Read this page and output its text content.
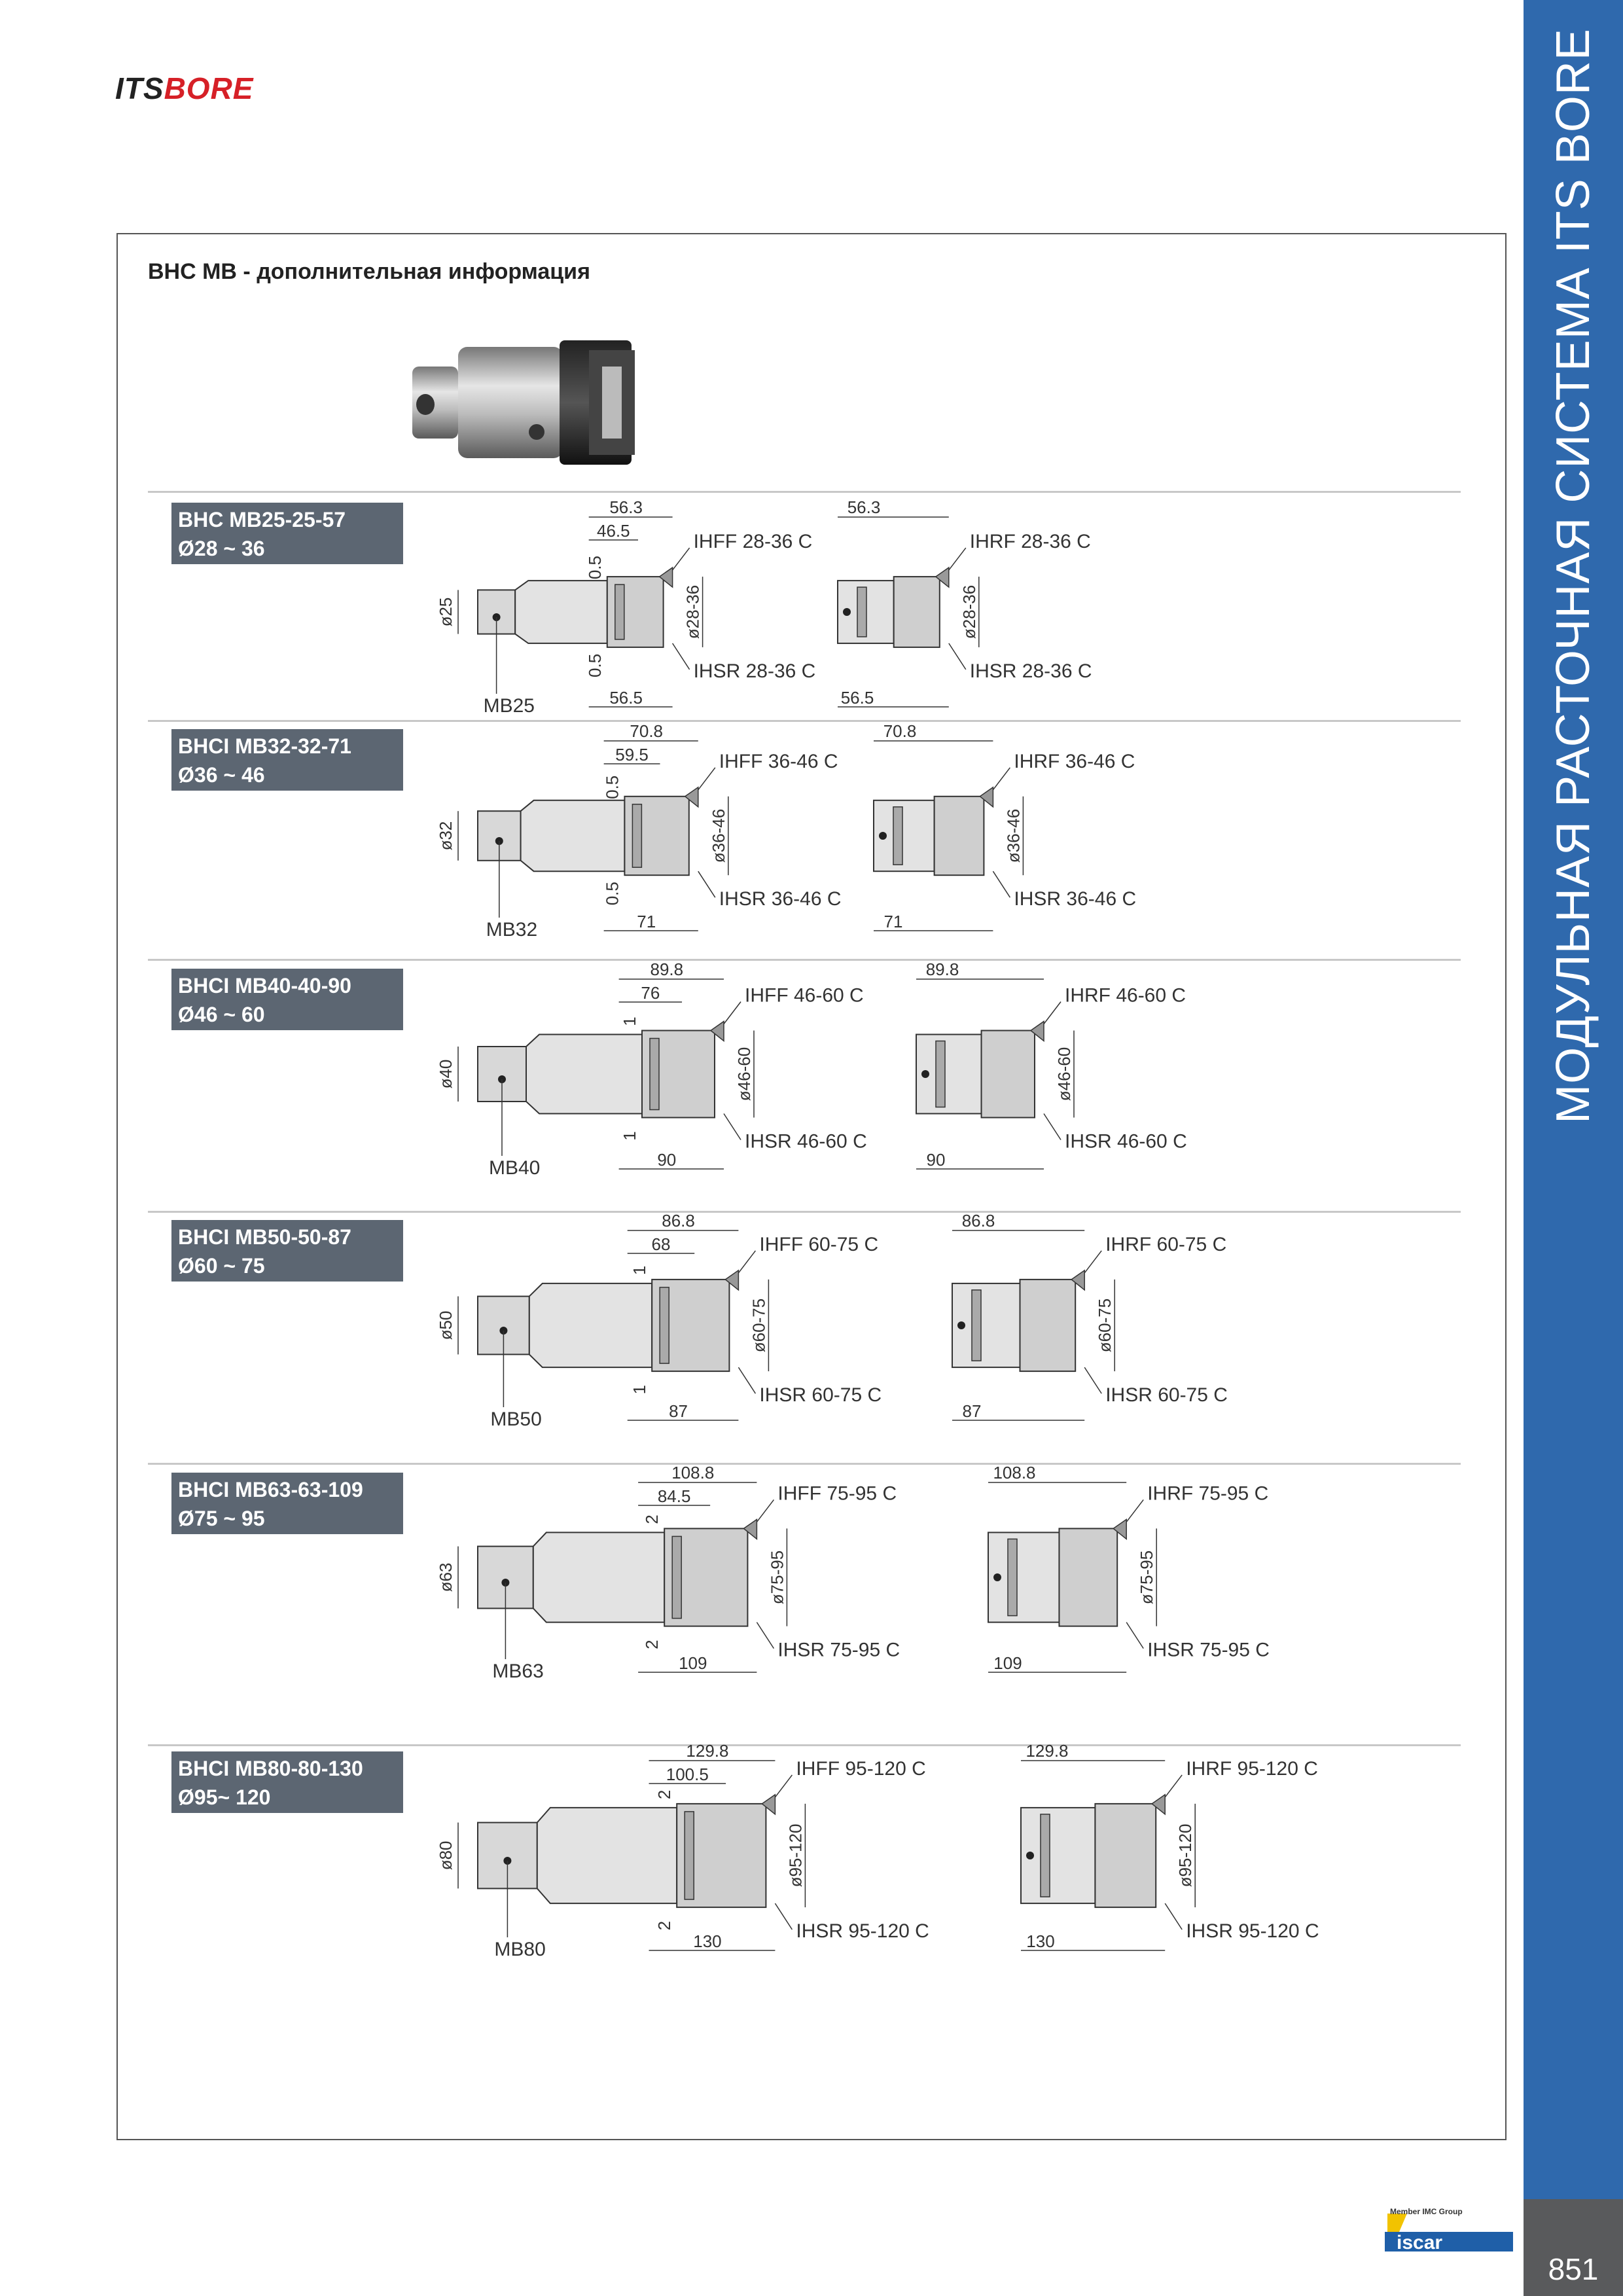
ITSBORE	МОДУЛЬНАЯ РАСТОЧНАЯ СИСТЕМА ITS BORE
851
BHC MB - дополнительная информация
BHC MB25-25-57
Ø28 ~ 36
BHCI MB32-32-71
Ø36 ~ 46
BHCI MB40-40-90
Ø46 ~ 60
BHCI MB50-50-87
Ø60 ~ 75
BHCI MB63-63-109
Ø75 ~ 95
BHCI MB80-80-130
Ø95~ 120
56.3
46.5
56.5
0.5
0.5
ø25	ø28-36
IHFF 28-36 C
IHSR 28-36 C
MB25
56.3
56.5
ø28-36
IHRF 28-36 C
IHSR 28-36 C
70.8
59.5
71
0.5
0.5
ø32	ø36-46
IHFF 36-46 C
IHSR 36-46 C
MB32
70.8
71
ø36-46
IHRF 36-46 C
IHSR 36-46 C
89.8
76
90
1
1
ø40	ø46-60
IHFF 46-60 C
IHSR 46-60 C
MB40
89.8
90
ø46-60
IHRF 46-60 C
IHSR 46-60 C
86.8
68
87
1
1
ø50	ø60-75
IHFF 60-75 C
IHSR 60-75 C
MB50
86.8
87
ø60-75
IHRF 60-75 C
IHSR 60-75 C
108.8
84.5
109
2
2
ø63	ø75-95
IHFF 75-95 C
IHSR 75-95 C
MB63
108.8
109
ø75-95
IHRF 75-95 C
IHSR 75-95 C
129.8
100.5
130
2
2
ø80	ø95-120
IHFF 95-120 C
IHSR 95-120 C
MB80
129.8
130
ø95-120
IHRF 95-120 C
IHSR 95-120 C
iscar
Member IMC Group
